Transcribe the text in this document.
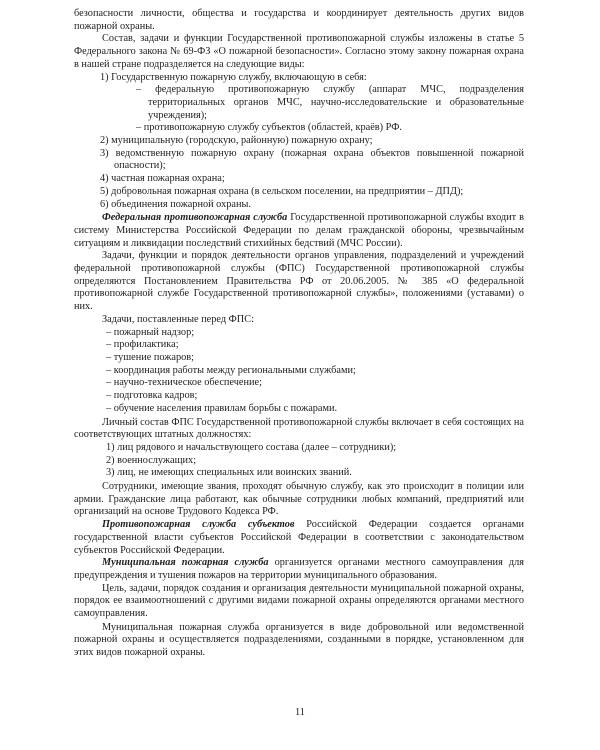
безопасности личности, общества и государства и координирует деятельность других видов пожарной охраны.

Состав, задачи и функции Государственной противопожарной службы изложены в статье 5 Федерального закона № 69-ФЗ «О пожарной безопасности». Согласно этому закону пожарная охрана в нашей стране подразделяется на следующие виды:

1) Государственную пожарную службу, включающую в себя:

– федеральную противопожарную службу (аппарат МЧС, подразделения территориальных органов МЧС, научно-исследовательские и образовательные учреждения);

– противопожарную службу субъектов (областей, краёв) РФ.

2) муниципальную (городскую, районную) пожарную охрану;

3) ведомственную пожарную охрану (пожарная охрана объектов повышенной пожарной опасности);

4) частная пожарная охрана;

5) добровольная пожарная охрана (в сельском поселении, на предприятии – ДПД);

6) объединения пожарной охраны.

Федеральная противопожарная служба Государственной противопожарной службы входит в систему Министерства Российской Федерации по делам гражданской обороны, чрезвычайным ситуациям и ликвидации последствий стихийных бедствий (МЧС России).

Задачи, функции и порядок деятельности органов управления, подразделений и учреждений федеральной противопожарной службы (ФПС) Государственной противопожарной службы определяются Постановлением Правительства РФ от 20.06.2005. № 385 «О федеральной противопожарной службе Государственной противопожарной службы», положениями (уставами) о них.

Задачи, поставленные перед ФПС:

– пожарный надзор;

– профилактика;

– тушение пожаров;

– координация работы между региональными службами;

– научно-техническое обеспечение;

– подготовка кадров;

– обучение населения правилам борьбы с пожарами.

Личный состав ФПС Государственной противопожарной службы включает в себя состоящих на соответствующих штатных должностях:

1) лиц рядового и начальствующего состава (далее – сотрудники);

2) военнослужащих;

3) лиц, не имеющих специальных или воинских званий.

Сотрудники, имеющие звания, проходят обычную службу, как это происходит в полиции или армии. Гражданские лица работают, как обычные сотрудники любых компаний, предприятий или организаций на основе Трудового Кодекса РФ.

Противопожарная служба субъектов Российской Федерации создается органами государственной власти субъектов Российской Федерации в соответствии с законодательством субъектов Российской Федерации.

Муниципальная пожарная служба организуется органами местного самоуправления для предупреждения и тушения пожаров на территории муниципального образования.

Цель, задачи, порядок создания и организация деятельности муниципальной пожарной охраны, порядок ее взаимоотношений с другими видами пожарной охраны определяются органами местного самоуправления.

Муниципальная пожарная служба организуется в виде добровольной или ведомственной пожарной охраны и осуществляется подразделениями, созданными в порядке, установленном для этих видов пожарной охраны.

11
